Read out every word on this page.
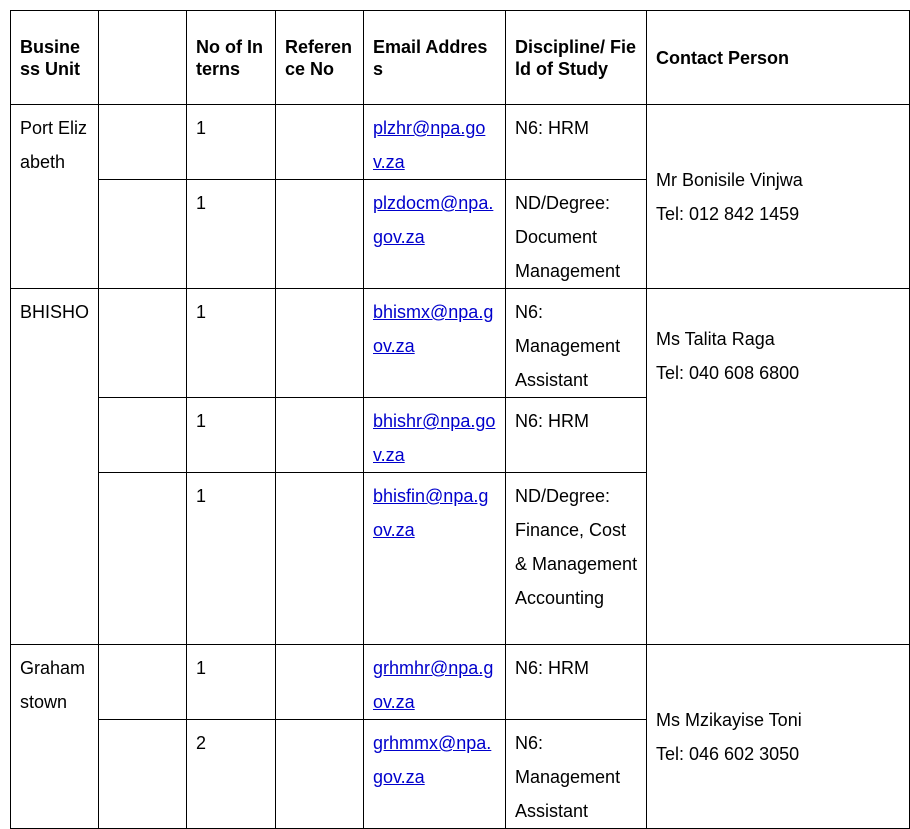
Business Unit		No of Interns	Reference No	Email Address	Discipline/ Field of Study	Contact Person
Port Elizabeth		1		plzhr@npa.gov.za	N6: HRM	Mr Bonisile Vinjwa
Tel: 012 842 1459

		1		plzdocm@npa.gov.za	ND/Degree: Document Management	
BHISHO		1		bhismx@npa.gov.za	N6: Management Assistant	Ms Talita Raga
Tel: 040 608 6800

		1		bhishr@npa.gov.za	N6: HRM	
		1		bhisfin@npa.gov.za	ND/Degree: Finance, Cost & Management Accounting	
Grahamstown		1		grhmhr@npa.gov.za	N6: HRM	Ms Mzikayise Toni
Tel: 046 602 3050

		2		grhmmx@npa.gov.za	N6: Management Assistant	
